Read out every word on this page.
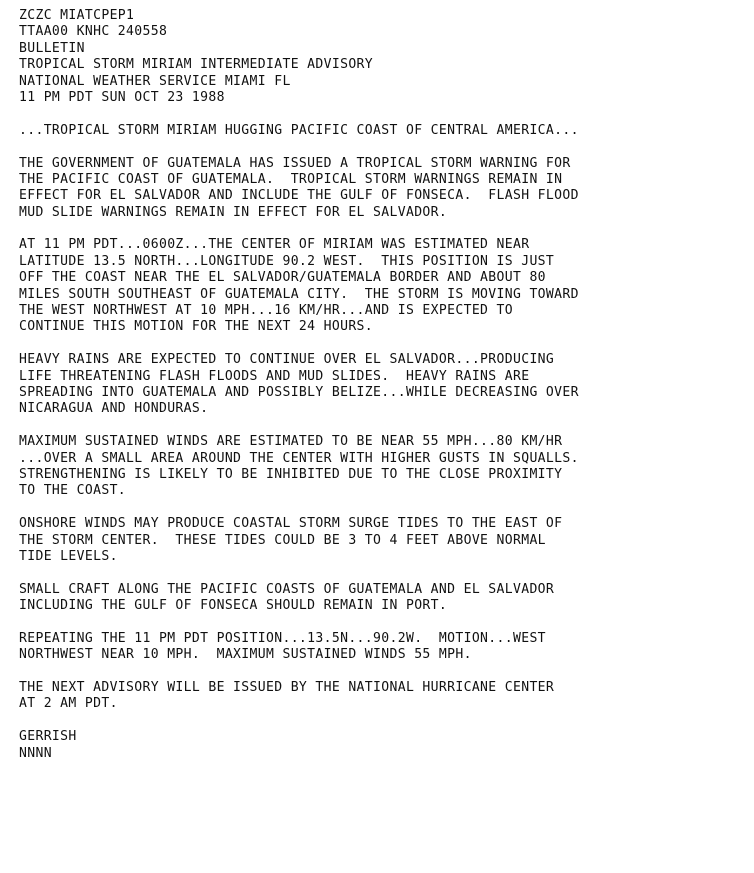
ZCZC MIATCPEP1
TTAA00 KNHC 240558
BULLETIN
TROPICAL STORM MIRIAM INTERMEDIATE ADVISORY
NATIONAL WEATHER SERVICE MIAMI FL
11 PM PDT SUN OCT 23 1988
...TROPICAL STORM MIRIAM HUGGING PACIFIC COAST OF CENTRAL AMERICA...
THE GOVERNMENT OF GUATEMALA HAS ISSUED A TROPICAL STORM WARNING FOR
THE PACIFIC COAST OF GUATEMALA.  TROPICAL STORM WARNINGS REMAIN IN
EFFECT FOR EL SALVADOR AND INCLUDE THE GULF OF FONSECA.  FLASH FLOOD
MUD SLIDE WARNINGS REMAIN IN EFFECT FOR EL SALVADOR.
AT 11 PM PDT...0600Z...THE CENTER OF MIRIAM WAS ESTIMATED NEAR
LATITUDE 13.5 NORTH...LONGITUDE 90.2 WEST.  THIS POSITION IS JUST
OFF THE COAST NEAR THE EL SALVADOR/GUATEMALA BORDER AND ABOUT 80
MILES SOUTH SOUTHEAST OF GUATEMALA CITY.  THE STORM IS MOVING TOWARD
THE WEST NORTHWEST AT 10 MPH...16 KM/HR...AND IS EXPECTED TO
CONTINUE THIS MOTION FOR THE NEXT 24 HOURS.
HEAVY RAINS ARE EXPECTED TO CONTINUE OVER EL SALVADOR...PRODUCING
LIFE THREATENING FLASH FLOODS AND MUD SLIDES.  HEAVY RAINS ARE
SPREADING INTO GUATEMALA AND POSSIBLY BELIZE...WHILE DECREASING OVER
NICARAGUA AND HONDURAS.
MAXIMUM SUSTAINED WINDS ARE ESTIMATED TO BE NEAR 55 MPH...80 KM/HR
...OVER A SMALL AREA AROUND THE CENTER WITH HIGHER GUSTS IN SQUALLS.
STRENGTHENING IS LIKELY TO BE INHIBITED DUE TO THE CLOSE PROXIMITY
TO THE COAST.
ONSHORE WINDS MAY PRODUCE COASTAL STORM SURGE TIDES TO THE EAST OF
THE STORM CENTER.  THESE TIDES COULD BE 3 TO 4 FEET ABOVE NORMAL
TIDE LEVELS.
SMALL CRAFT ALONG THE PACIFIC COASTS OF GUATEMALA AND EL SALVADOR
INCLUDING THE GULF OF FONSECA SHOULD REMAIN IN PORT.
REPEATING THE 11 PM PDT POSITION...13.5N...90.2W.  MOTION...WEST
NORTHWEST NEAR 10 MPH.  MAXIMUM SUSTAINED WINDS 55 MPH.
THE NEXT ADVISORY WILL BE ISSUED BY THE NATIONAL HURRICANE CENTER
AT 2 AM PDT.
GERRISH
NNNN
